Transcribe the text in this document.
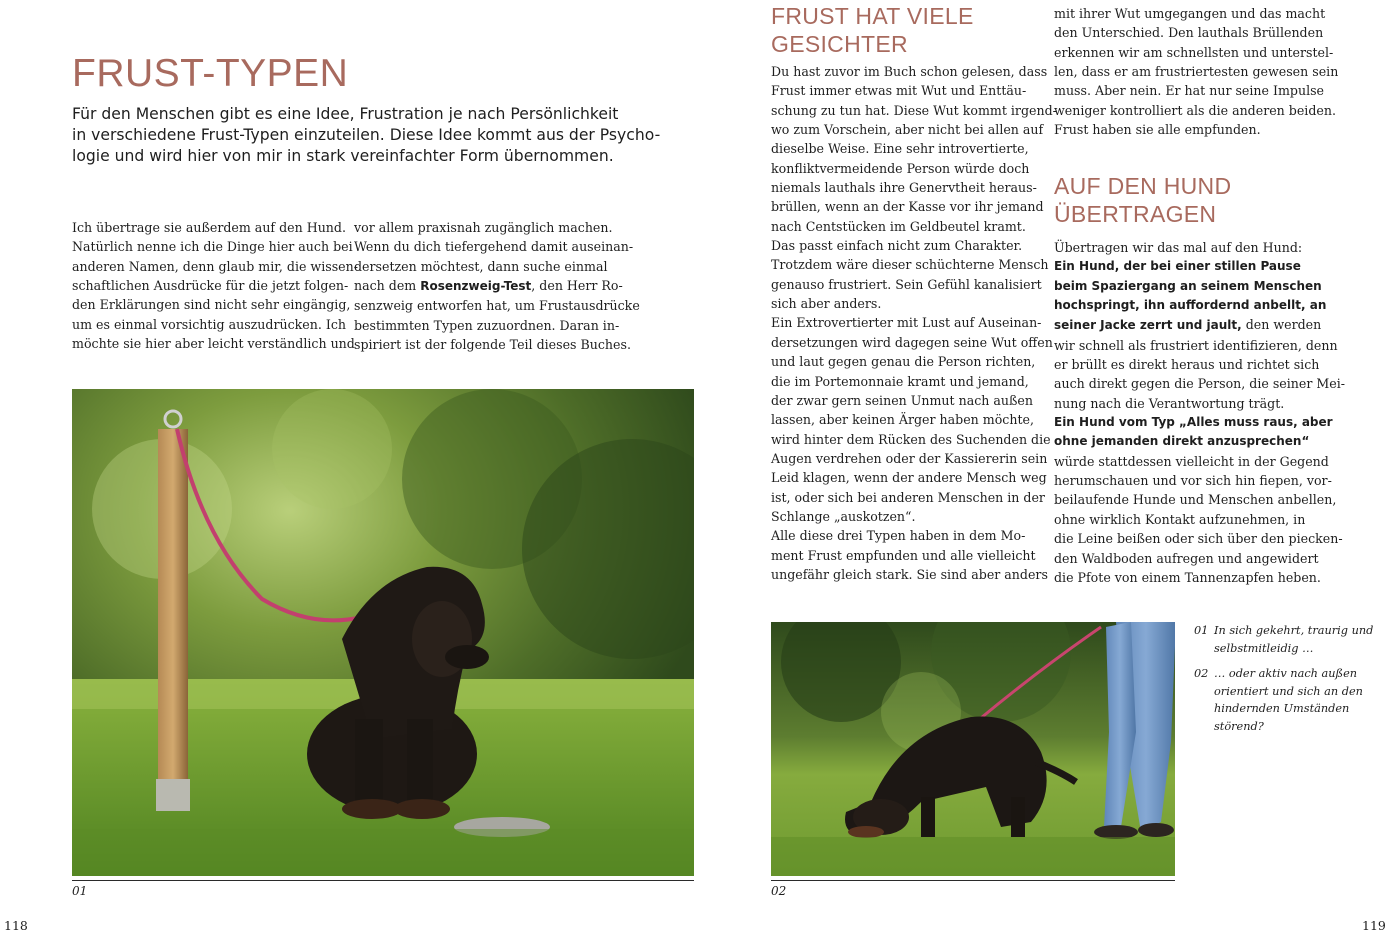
FRUST-TYPEN
Für den Menschen gibt es eine Idee, Frustration je nach Persönlichkeit
in verschiedene Frust-Typen einzuteilen. Diese Idee kommt aus der Psycho-
logie und wird hier von mir in stark vereinfachter Form übernommen.
Ich übertrage sie außerdem auf den Hund.
Natürlich nenne ich die Dinge hier auch bei
anderen Namen, denn glaub mir, die wissen-
schaftlichen Ausdrücke für die jetzt folgen-
den Erklärungen sind nicht sehr eingängig,
um es einmal vorsichtig auszudrücken. Ich
möchte sie hier aber leicht verständlich und
vor allem praxisnah zugänglich machen.
Wenn du dich tiefergehend damit auseinan-
dersetzen möchtest, dann suche einmal
nach dem Rosenzweig-Test, den Herr Ro-
senzweig entworfen hat, um Frustausdrücke
bestimmten Typen zuzuordnen. Daran in-
spiriert ist der folgende Teil dieses Buches.
01
118
FRUST HAT VIELE
GESICHTER
Du hast zuvor im Buch schon gelesen, dass
Frust immer etwas mit Wut und Enttäu-
schung zu tun hat. Diese Wut kommt irgend-
wo zum Vorschein, aber nicht bei allen auf
dieselbe Weise. Eine sehr introvertierte,
konfliktvermeidende Person würde doch
niemals lauthals ihre Genervtheit heraus-
brüllen, wenn an der Kasse vor ihr jemand
nach Centstücken im Geldbeutel kramt.
Das passt einfach nicht zum Charakter.
Trotzdem wäre dieser schüchterne Mensch
genauso frustriert. Sein Gefühl kanalisiert
sich aber anders.
Ein Extrovertierter mit Lust auf Auseinan-
dersetzungen wird dagegen seine Wut offen
und laut gegen genau die Person richten,
die im Portemonnaie kramt und jemand,
der zwar gern seinen Unmut nach außen
lassen, aber keinen Ärger haben möchte,
wird hinter dem Rücken des Suchenden die
Augen verdrehen oder der Kassiererin sein
Leid klagen, wenn der andere Mensch weg
ist, oder sich bei anderen Menschen in der
Schlange „auskotzen“.
Alle diese drei Typen haben in dem Mo-
ment Frust empfunden und alle vielleicht
ungefähr gleich stark. Sie sind aber anders
mit ihrer Wut umgegangen und das macht
den Unterschied. Den lauthals Brüllenden
erkennen wir am schnellsten und unterstel-
len, dass er am frustriertesten gewesen sein
muss. Aber nein. Er hat nur seine Impulse
weniger kontrolliert als die anderen beiden.
Frust haben sie alle empfunden.
AUF DEN HUND
ÜBERTRAGEN
Übertragen wir das mal auf den Hund:
Ein Hund, der bei einer stillen Pause
beim Spaziergang an seinem Menschen
hochspringt, ihn auffordernd anbellt, an
seiner Jacke zerrt und jault, den werden
wir schnell als frustriert identifizieren, denn
er brüllt es direkt heraus und richtet sich
auch direkt gegen die Person, die seiner Mei-
nung nach die Verantwortung trägt.
Ein Hund vom Typ „Alles muss raus, aber
ohne jemanden direkt anzusprechen“
würde stattdessen vielleicht in der Gegend
herumschauen und vor sich hin fiepen, vor-
beilaufende Hunde und Menschen anbellen,
ohne wirklich Kontakt aufzunehmen, in
die Leine beißen oder sich über den piecken-
den Waldboden aufregen und angewidert
die Pfote von einem Tannenzapfen heben.
02
01 In sich gekehrt, traurig und
selbstmitleidig …
02 … oder aktiv nach außen
orientiert und sich an den
hindernden Umständen
störend?
119
